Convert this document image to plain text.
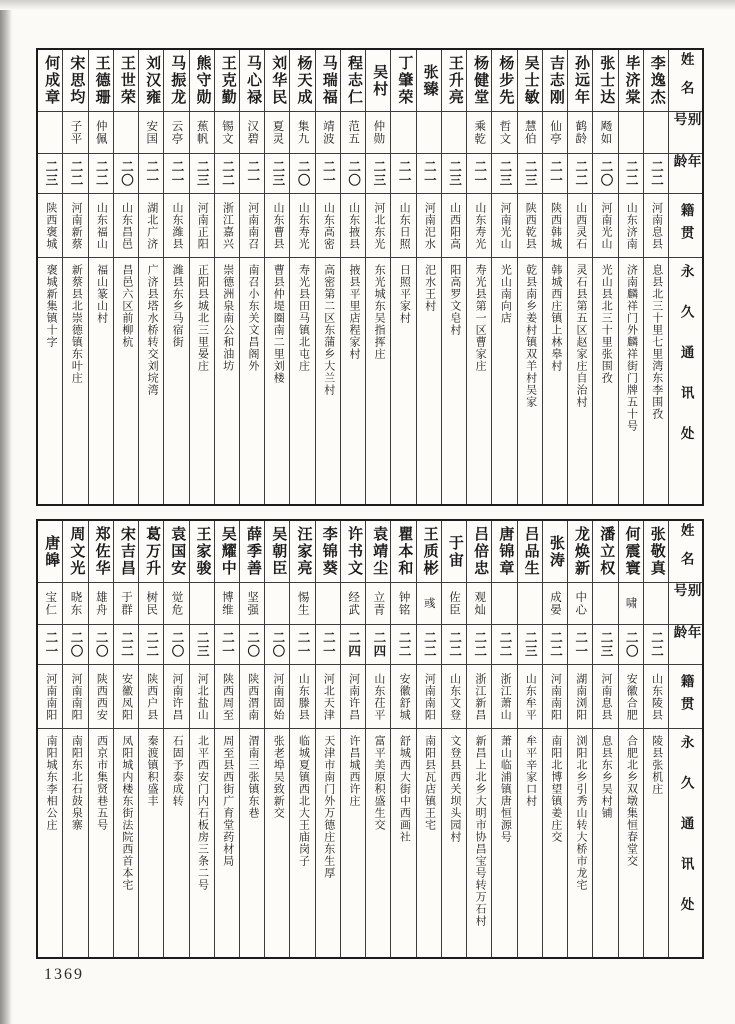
姓名
别号
年龄
籍贯
永久通讯处
李逸杰
二二
河南息县
息县北三十里七里湾东李围孜
毕济棠
二二
山东济南
济南麟祥门外麟祥街门牌五十号
张士达
飏如
二〇
河南光山
光山县北三十里张围孜
孙远年
鹤龄
二二
山西灵石
灵石县第五区赵家庄自治村
吉志刚
仙亭
二一
陕西韩城
韩城西庄镇上林皋村
吴士敏
慧伯
二三
陕西乾县
乾县南乡姜村镇双羊村吴家
杨步先
哲文
二三
河南光山
光山南向店
杨健堂
乘乾
二一
山东寿光
寿光县第一区曹家庄
王升亮
二三
山西阳高
阳高罗文皂村
张臻
二一
河南汜水
汜水王村
丁肇荣
二一
山东日照
日照平家村
吴村
仲勋
二三
河北东光
东光城东吴指挥庄
程志仁
范五
二〇
山东掖县
掖县平里店程家村
马瑞福
靖波
二一
山东高密
高密第二区东蒲乡大兰村
杨天成
集九
二〇
山东寿光
寿光县田马镇北屯庄
刘华民
夏灵
二三
山东曹县
曹县仲堤圈南二里刘楼
马心禄
汉碧
二一
河南南召
南召小东关文昌阁外
王克勤
锡文
二二
浙江嘉兴
崇德洲泉南公和油坊
熊守勋
蕉帆
二三
河南正阳
正阳县城北三里晏庄
马振龙
云亭
二一
山东潍县
潍县东乡马宿街
刘汉雍
安国
二一
湖北广济
广济县塔水桥转交刘垸湾
王世荣
二〇
山东昌邑
昌邑六区前柳杭
王德珊
仲佩
二二
山东福山
福山篆山村
宋思均
子平
二二
河南新蔡
新蔡县北崇德镇东叶庄
何成章
二三
陕西褒城
褒城新集镇十字
姓名
别号
年龄
籍贯
永久通讯处
张敬真
二二
山东陵县
陵县张机庄
何震寰
啸
二〇
安徽合肥
合肥北乡双墩集恒春堂交
潘立权
二三
河南息县
息县东乡吴村铺
龙焕新
中心
二一
湖南浏阳
浏阳北乡引秀山转大桥市龙宅
张涛
成晏
二二
河南南阳
南阳北博望镇姜庄交
吕品生
二三
山东牟平
牟平辛家口村
唐锦章
二二
浙江萧山
萧山临浦镇唐恒源号
吕倍忠
观灿
二二
浙江新昌
新昌上北乡大明市协昌宝号转万石村
于宙
佐臣
二二
山东文登
文登县西关坝头园村
王质彬
彧
二二
河南南阳
南阳县瓦店镇王宅
瞿本和
钟铭
二二
安徽舒城
舒城西大街中西画社
袁靖尘
立青
二四
山东茌平
富平美原积盛生交
许书文
经武
二四
河南许昌
许昌城西许庄
李锦葵
二一
河北天津
天津市南门外万德庄东生厚
汪家亮
惕生
二一
山东滕县
临城夏镇西北大王庙岗子
吴朝臣
二〇
河南固始
张老埠吴致新交
薛季善
坚强
二〇
陕西渭南
渭南三张镇东巷
吴耀中
博维
二一
陕西周至
周至县西街广育堂药材局
王家骏
二三
河北盐山
北平西安门内石板房三条二号
袁国安
觉危
二〇
河南许昌
石固予泰成转
葛万升
树民
二二
陕西户县
秦渡镇积盛丰
宋吉昌
于群
二二
安徽凤阳
凤阳城内楼东街法院西首本宅
郑佐华
雄舟
二〇
陕西西安
西京市集贤巷五号
周文光
晓东
二〇
河南南阳
南阳东北石鼓泉寨
唐皞
宝仁
二一
河南南阳
南阳城东李相公庄
1369
